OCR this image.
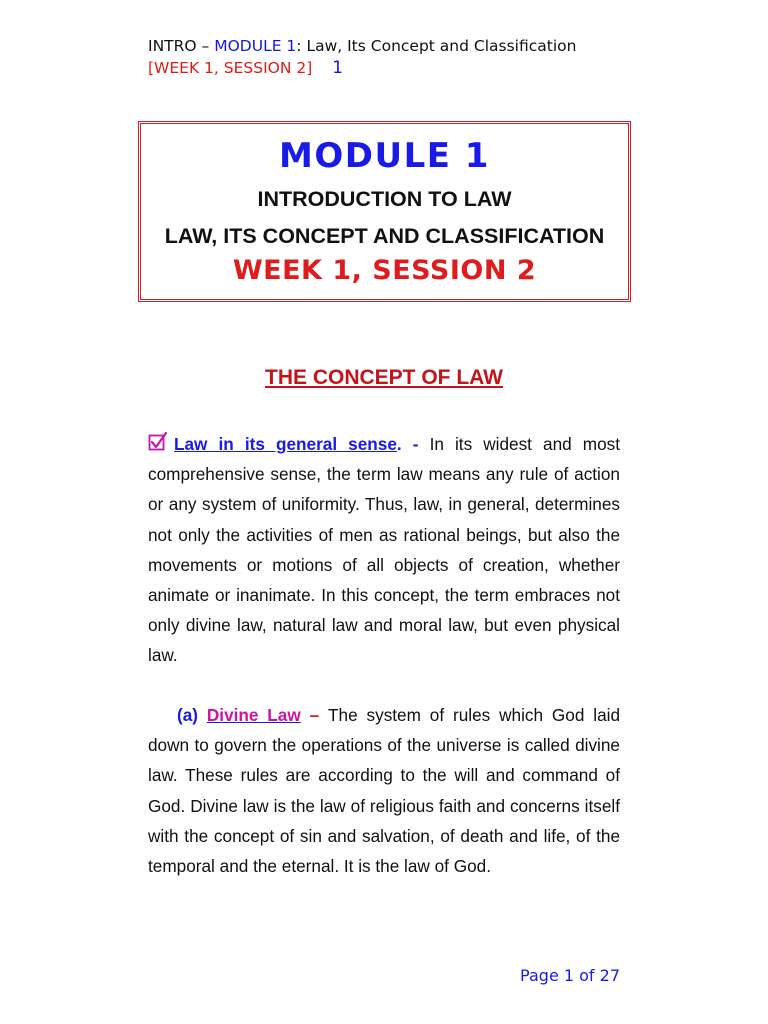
INTRO – MODULE 1: Law, Its Concept and Classification
[WEEK 1, SESSION 2] 1
MODULE 1
INTRODUCTION TO LAW
LAW, ITS CONCEPT AND CLASSIFICATION
WEEK 1, SESSION 2
THE CONCEPT OF LAW
Law in its general sense. - In its widest and most comprehensive sense, the term law means any rule of action or any system of uniformity. Thus, law, in general, determines not only the activities of men as rational beings, but also the movements or motions of all objects of creation, whether animate or inanimate. In this concept, the term embraces not only divine law, natural law and moral law, but even physical law.
(a) Divine Law – The system of rules which God laid down to govern the operations of the universe is called divine law. These rules are according to the will and command of God. Divine law is the law of religious faith and concerns itself with the concept of sin and salvation, of death and life, of the temporal and the eternal. It is the law of God.
Page 1 of 27
